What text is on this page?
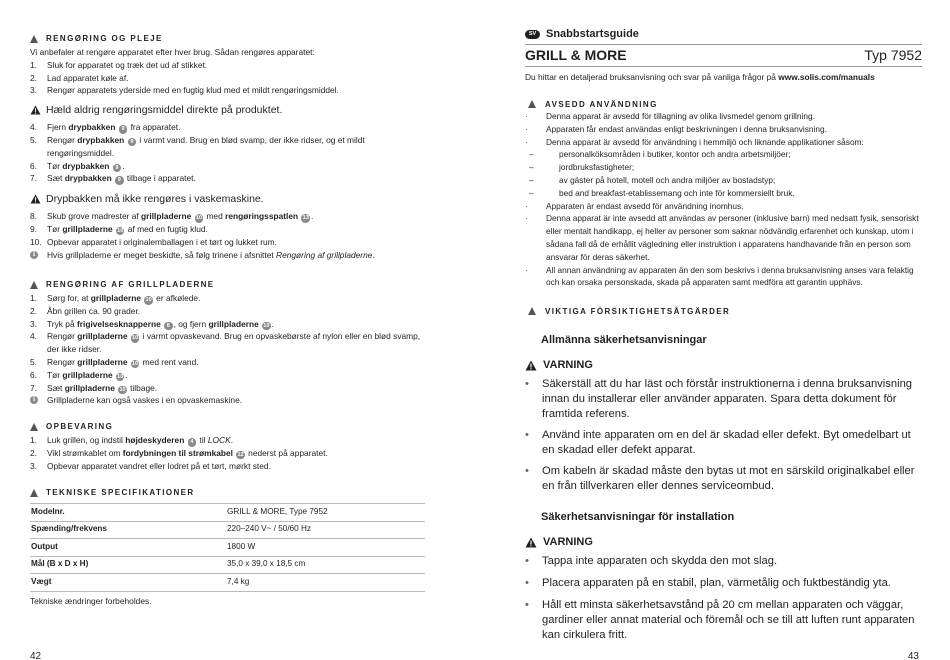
RENGØRING OG PLEJE
Vi anbefaler at rengøre apparatet efter hver brug. Sådan rengøres apparatet:
1.	Sluk for apparatet og træk det ud af stikket.
2.	Lad apparatet køle af.
3.	Rengør apparatets yderside med en fugtig klud med et mildt rengøringsmiddel.
Hæld aldrig rengøringsmiddel direkte på produktet.
4.	Fjern drypbakken 9 fra apparatet.
5.	Rengør drypbakken 9 i varmt vand. Brug en blød svamp, der ikke ridser, og et mildt rengøringsmiddel.
6.	Tør drypbakken 9 .
7.	Sæt drypbakken 9 tilbage i apparatet.
Drypbakken må ikke rengøres i vaskemaskine.
8.	Skub grove madrester af grillpladerne 10 med rengøringsspatlen 13 .
9.	Tør grillpladerne 10 af med en fugtig klud.
10. Opbevar apparatet i originalemballagen i et tørt og lukket rum.
i	Hvis grillpladerne er meget beskidte, så følg trinene i afsnittet Rengøring af grillpladerne.
RENGØRING AF GRILLPLADERNE
1.	Sørg for, at grillpladerne 10 er afkølede.
2.	Åbn grillen ca. 90 grader.
3.	Tryk på frigivelsesknapperne 8 , og fjern grillpladerne 10 .
4.	Rengør grillpladerne 10 i varmt opvaskevand. Brug en opvaskebørste af nylon eller en blød svamp, der ikke ridser.
5.	Rengør grillpladerne 10 med rent vand.
6.	Tør grillpladerne 10 .
7.	Sæt grillpladerne 10 tilbage.
i	Grillpladerne kan også vaskes i en opvaskemaskine.
OPBEVARING
1.	Luk grillen, og indstil højdeskyderen 4 til LOCK.
2.	Vikl strømkablet om fordybningen til strømkabel 12 nederst på apparatet.
3.	Opbevar apparatet vandret eller lodret på et tørt, mørkt sted.
TEKNISKE SPECIFIKATIONER
Modelnr.	GRILL & MORE, Type 7952
Spænding/frekvens	220–240 V~ / 50/60 Hz
Output	1800 W
Mål (B x D x H)	35,0 x 39,0 x 18,5 cm
Vægt	7,4 kg
Tekniske ændringer forbeholdes.
42
SV Snabbstartsguide
GRILL & MORE	Typ 7952
Du hittar en detaljerad bruksanvisning och svar på vanliga frågor på www.solis.com/manuals
AVSEDD ANVÄNDNING
·	Denna apparat är avsedd för tillagning av olika livsmedel genom grillning.
·	Apparaten får endast användas enligt beskrivningen i denna bruksanvisning.
·	Denna apparat är avsedd för användning i hemmiljö och liknande applikationer såsom:
–	personalköksområden i butiker, kontor och andra arbetsmiljöer;
–	jordbruksfastigheter;
–	av gäster på hotell, motell och andra miljöer av bostadstyp;
–	bed and breakfast-etablissemang och inte för kommersiellt bruk.
·	Apparaten är endast avsedd för användning inomhus.
·	Denna apparat är inte avsedd att användas av personer (inklusive barn) med nedsatt fysik, sensoriskt eller mentalt handikapp, ej heller av personer som saknar nödvändig erfarenhet och kunskap, utom i sådana fall då de erhållit vägledning eller instruktion i apparatens handhavande från en person som ansvarar för deras säkerhet.
·	All annan användning av apparaten än den som beskrivs i denna bruksanvisning anses vara felaktig och kan orsaka personskada, skada på apparaten samt medföra att garantin upphävs.
VIKTIGA FÖRSIKTIGHETSÅTGÄRDER
Allmänna säkerhetsanvisningar
VARNING
•	Säkerställ att du har läst och förstår instruktionerna i denna bruksanvisning innan du installerar eller använder apparaten. Spara detta dokument för framtida referens.
•	Använd inte apparaten om en del är skadad eller defekt. Byt omedelbart ut en skadad eller defekt apparat.
•	Om kabeln är skadad måste den bytas ut mot en särskild originalkabel eller en från tillverkaren eller dennes serviceombud.
Säkerhetsanvisningar för installation
VARNING
•	Tappa inte apparaten och skydda den mot slag.
•	Placera apparaten på en stabil, plan, värmetålig och fuktbeständig yta.
•	Håll ett minsta säkerhetsavstånd på 20 cm mellan apparaten och väggar, gardiner eller annat material och föremål och se till att luften runt apparaten kan cirkulera fritt.
43
